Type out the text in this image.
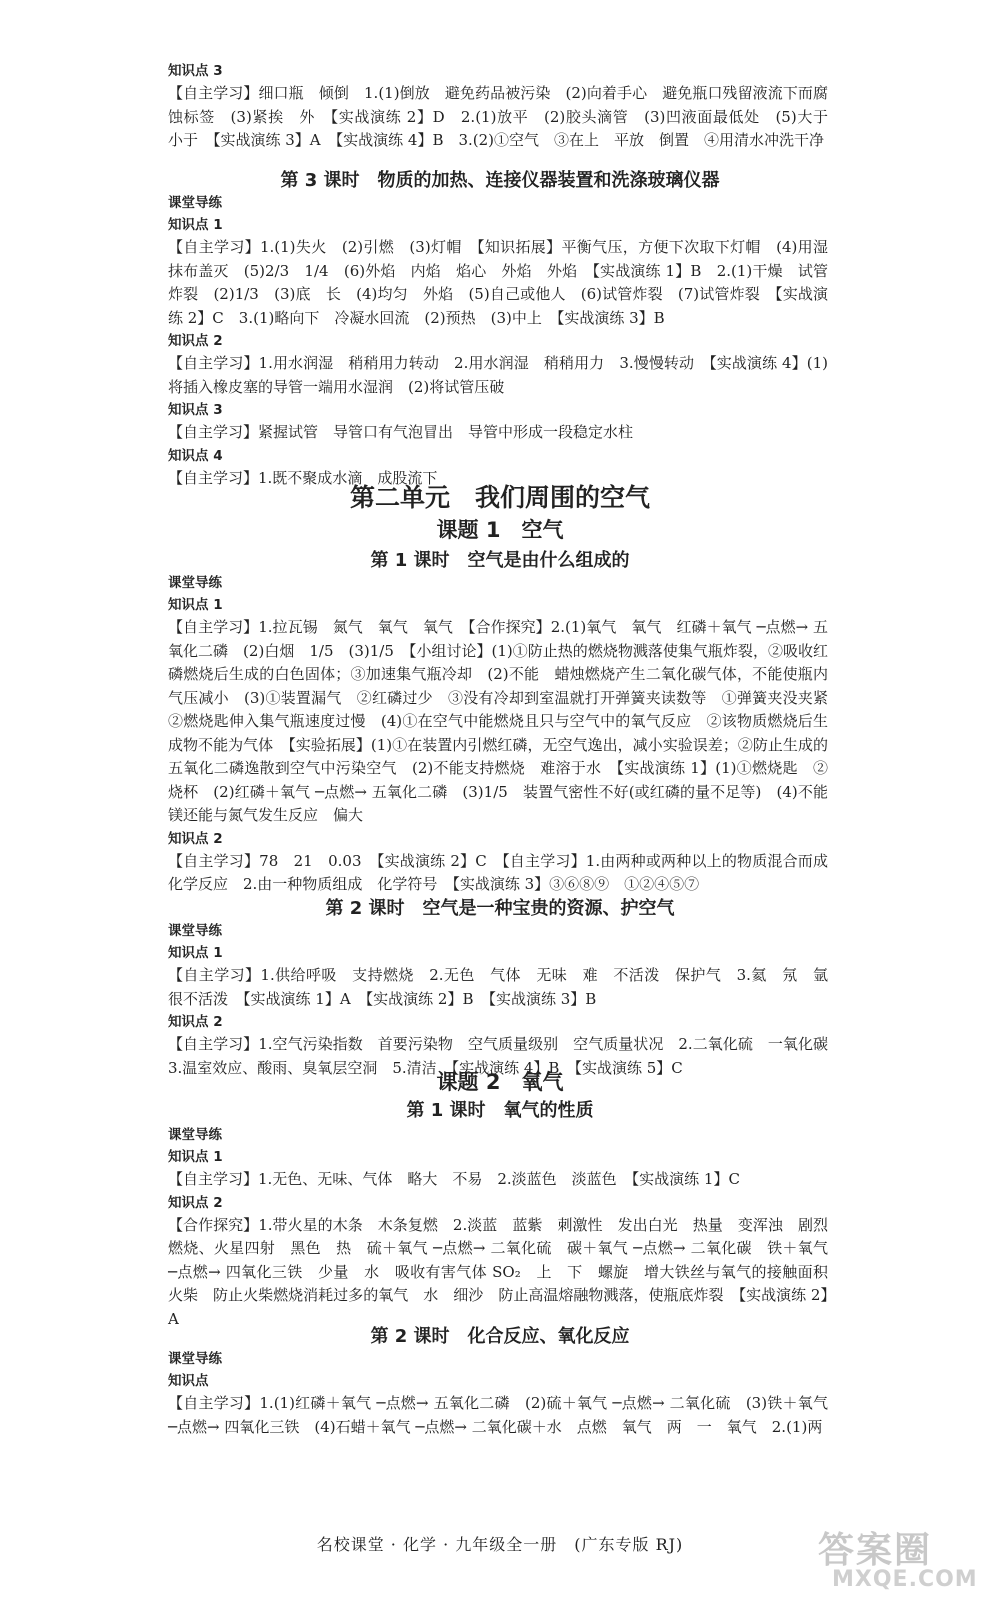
知识点 3

【自主学习】细口瓶　倾倒　1.(1)倒放　避免药品被污染　(2)向着手心　避免瓶口残留液流下而腐蚀标签　(3)紧挨　外　【实战演练 2】D　2.(1)放平　(2)胶头滴管　(3)凹液面最低处　(5)大于　小于　【实战演练 3】A　【实战演练 4】B　3.(2)①空气　③在上　平放　倒置　④用清水冲洗干净

第 3 课时　物质的加热、连接仪器装置和洗涤玻璃仪器
课堂导练
知识点 1

【自主学习】1.(1)失火　(2)引燃　(3)灯帽　【知识拓展】平衡气压，方便下次取下灯帽　(4)用湿抹布盖灭　(5)2/3　1/4　(6)外焰　内焰　焰心　外焰　外焰　【实战演练 1】B　2.(1)干燥　试管炸裂　(2)1/3　(3)底　长　(4)均匀　外焰　(5)自己或他人　(6)试管炸裂　(7)试管炸裂　【实战演练 2】C　3.(1)略向下　冷凝水回流　(2)预热　(3)中上　【实战演练 3】B

知识点 2

【自主学习】1.用水润湿　稍稍用力转动　2.用水润湿　稍稍用力　3.慢慢转动　【实战演练 4】(1)将插入橡皮塞的导管一端用水湿润　(2)将试管压破

知识点 3

【自主学习】紧握试管　导管口有气泡冒出　导管中形成一段稳定水柱

知识点 4

【自主学习】1.既不聚成水滴　成股流下

第二单元　我们周围的空气
课题 1　空气
第 1 课时　空气是由什么组成的
课堂导练
知识点 1

【自主学习】1.拉瓦锡　氮气　氧气　氧气　【合作探究】2.(1)氧气　氧气　红磷＋氧气 ─点燃→ 五氧化二磷　(2)白烟　1/5　(3)1/5　【小组讨论】(1)①防止热的燃烧物溅落使集气瓶炸裂，②吸收红磷燃烧后生成的白色固体；③加速集气瓶冷却　(2)不能　蜡烛燃烧产生二氧化碳气体，不能使瓶内气压减小　(3)①装置漏气　②红磷过少　③没有冷却到室温就打开弹簧夹读数等　①弹簧夹没夹紧　②燃烧匙伸入集气瓶速度过慢　(4)①在空气中能燃烧且只与空气中的氧气反应　②该物质燃烧后生成物不能为气体　【实验拓展】(1)①在装置内引燃红磷，无空气逸出，减小实验误差；②防止生成的五氧化二磷逸散到空气中污染空气　(2)不能支持燃烧　难溶于水　【实战演练 1】(1)①燃烧匙　②烧杯　(2)红磷＋氧气 ─点燃→ 五氧化二磷　(3)1/5　装置气密性不好(或红磷的量不足等)　(4)不能　镁还能与氮气发生反应　偏大

知识点 2

【自主学习】78　21　0.03　【实战演练 2】C　【自主学习】1.由两种或两种以上的物质混合而成　化学反应　2.由一种物质组成　化学符号　【实战演练 3】③⑥⑧⑨　①②④⑤⑦

第 2 课时　空气是一种宝贵的资源、护空气
课堂导练
知识点 1

【自主学习】1.供给呼吸　支持燃烧　2.无色　气体　无味　难　不活泼　保护气　3.氦　氖　氩　很不活泼　【实战演练 1】A　【实战演练 2】B　【实战演练 3】B

知识点 2

【自主学习】1.空气污染指数　首要污染物　空气质量级别　空气质量状况　2.二氧化硫　一氧化碳　3.温室效应、酸雨、臭氧层空洞　5.清洁　【实战演练 4】B　【实战演练 5】C

课题 2　氧气
第 1 课时　氧气的性质
课堂导练
知识点 1

【自主学习】1.无色、无味、气体　略大　不易　2.淡蓝色　淡蓝色　【实战演练 1】C

知识点 2

【合作探究】1.带火星的木条　木条复燃　2.淡蓝　蓝紫　刺激性　发出白光　热量　变浑浊　剧烈燃烧、火星四射　黑色　热　硫＋氧气 ─点燃→ 二氧化硫　碳＋氧气 ─点燃→ 二氧化碳　铁＋氧气 ─点燃→ 四氧化三铁　少量　水　吸收有害气体 SO₂　上　下　螺旋　增大铁丝与氧气的接触面积　火柴　防止火柴燃烧消耗过多的氧气　水　细沙　防止高温熔融物溅落，使瓶底炸裂　【实战演练 2】A

第 2 课时　化合反应、氧化反应
课堂导练
知识点

【自主学习】1.(1)红磷＋氧气 ─点燃→ 五氧化二磷　(2)硫＋氧气 ─点燃→ 二氧化硫　(3)铁＋氧气 ─点燃→ 四氧化三铁　(4)石蜡＋氧气 ─点燃→ 二氧化碳＋水　点燃　氧气　两　一　氧气　2.(1)两

名校课堂 · 化学 · 九年级全一册　(广东专版 RJ)	答案圈
MXQE.COM
